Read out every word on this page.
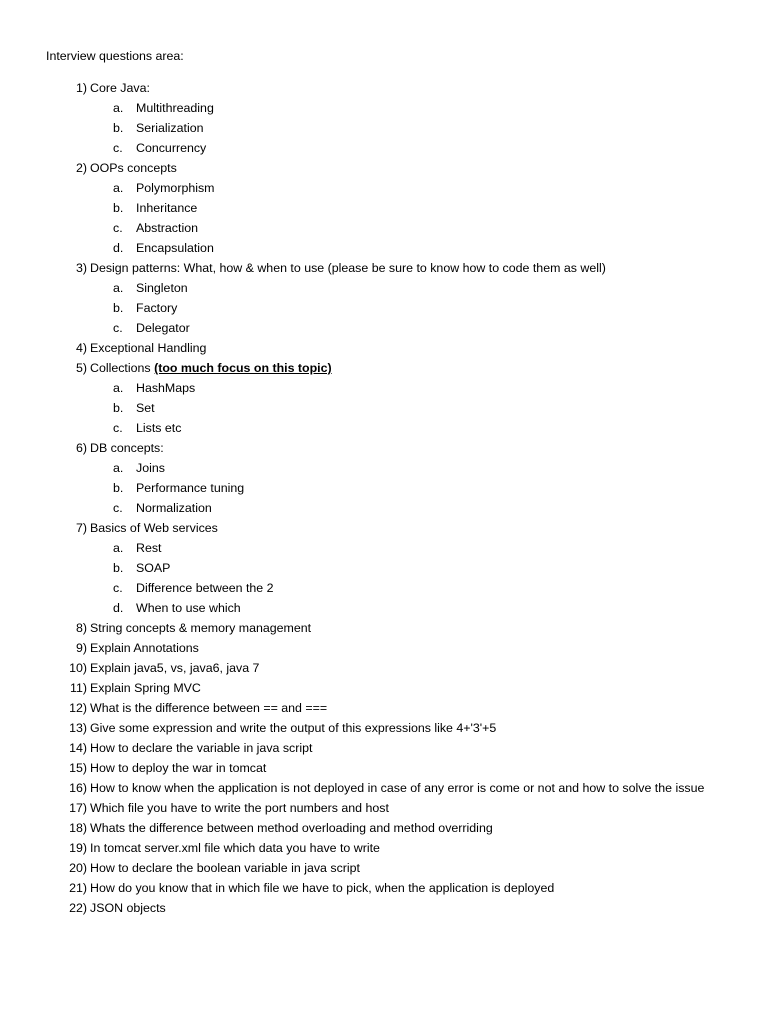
Interview questions area:
1) Core Java:
a. Multithreading
b. Serialization
c. Concurrency
2) OOPs concepts
a. Polymorphism
b. Inheritance
c. Abstraction
d. Encapsulation
3) Design patterns: What, how & when to use (please be sure to know how to code them as well)
a. Singleton
b. Factory
c. Delegator
4) Exceptional Handling
5) Collections (too much focus on this topic)
a. HashMaps
b. Set
c. Lists etc
6) DB concepts:
a. Joins
b. Performance tuning
c. Normalization
7) Basics of Web services
a. Rest
b. SOAP
c. Difference between the 2
d. When to use which
8) String concepts & memory management
9) Explain Annotations
10) Explain java5, vs, java6, java 7
11) Explain Spring MVC
12) What is the difference between == and ===
13) Give some expression and write the output of this expressions like 4+'3'+5
14) How to declare the variable in java script
15) How to deploy the war in tomcat
16) How to know when the application is not deployed in case of any error is come or not and how to solve the issue
17) Which file you have to write the port numbers and host
18) Whats the difference between method overloading and method overriding
19) In tomcat server.xml file which data you have to write
20) How to declare the boolean variable in java script
21) How do you know that in which file we have to pick, when the application is deployed
22) JSON objects
